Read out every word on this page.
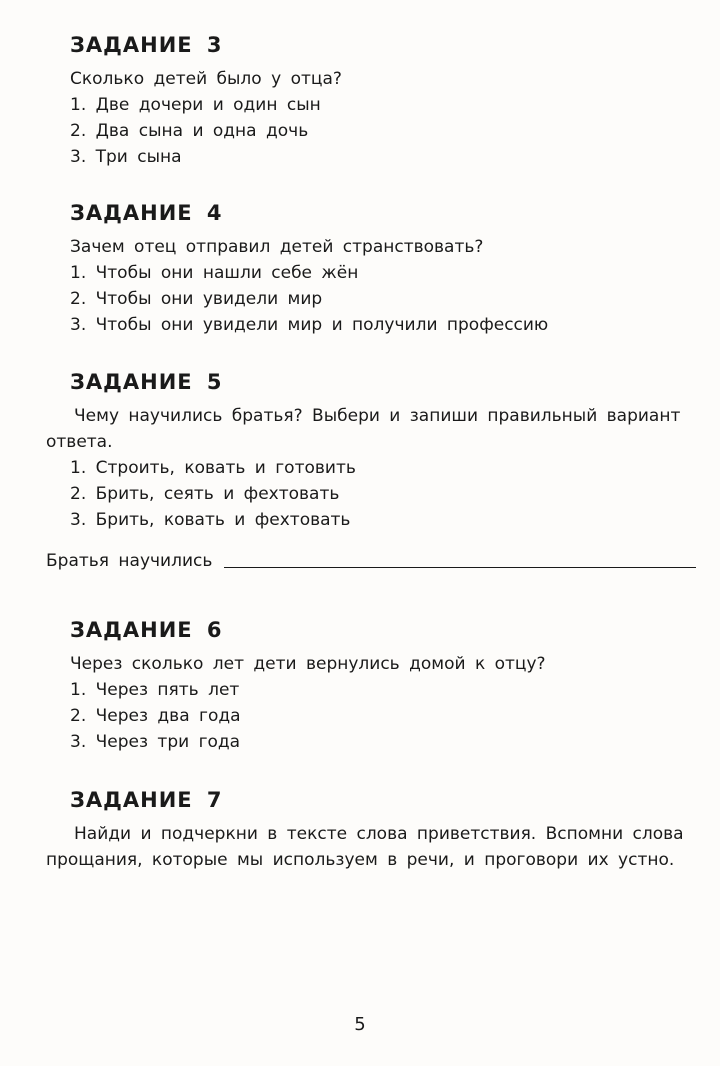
ЗАДАНИЕ 3

Сколько детей было у отца?

1. Две дочери и один сын
2. Два сына и одна дочь
3. Три сына
ЗАДАНИЕ 4

Зачем отец отправил детей странствовать?

1. Чтобы они нашли себе жён
2. Чтобы они увидели мир
3. Чтобы они увидели мир и получили профессию
ЗАДАНИЕ 5

Чему научились братья? Выбери и запиши правильный вариант ответа.

1. Строить, ковать и готовить
2. Брить, сеять и фехтовать
3. Брить, ковать и фехтовать
Братья научились
ЗАДАНИЕ 6

Через сколько лет дети вернулись домой к отцу?

1. Через пять лет
2. Через два года
3. Через три года
ЗАДАНИЕ 7

Найди и подчеркни в тексте слова приветствия. Вспомни слова прощания, которые мы используем в речи, и проговори их устно.

5
